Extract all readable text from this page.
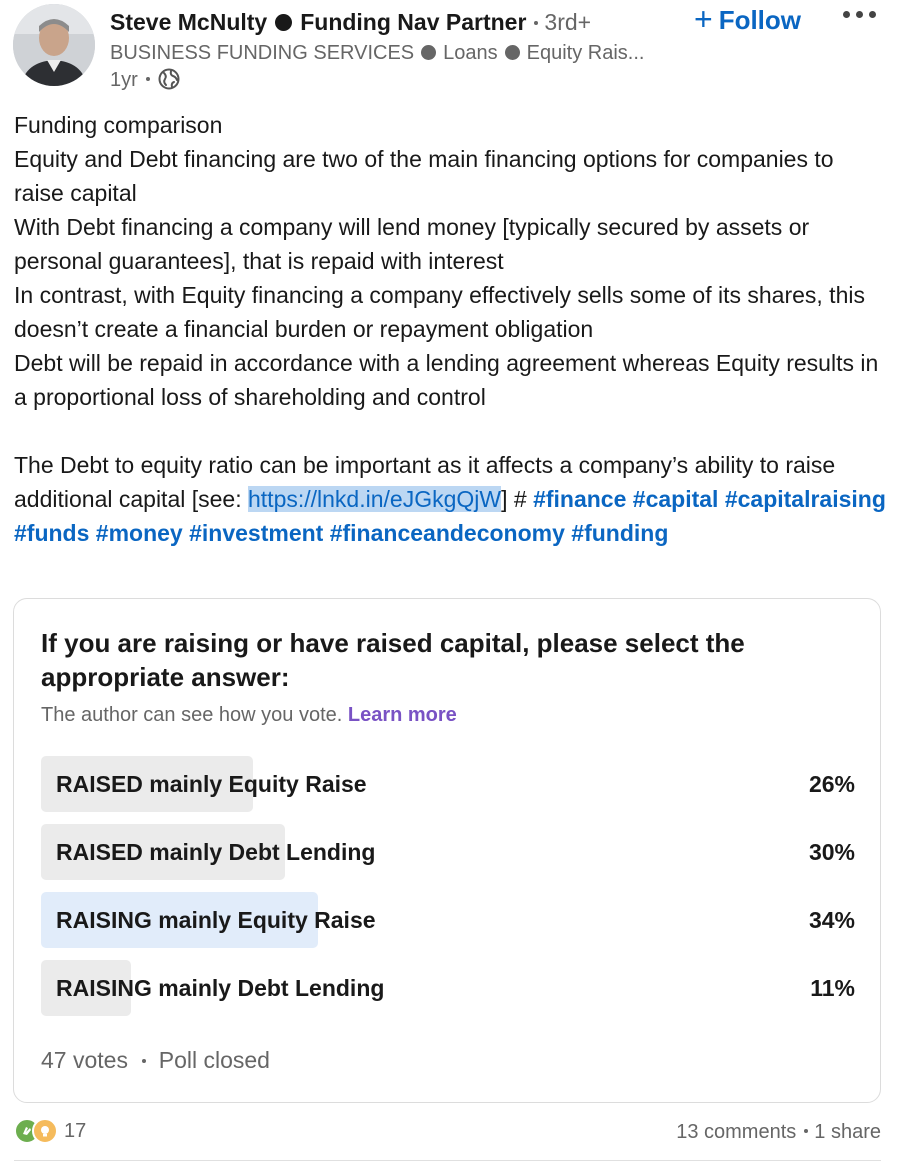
Steve McNulty Funding Nav Partner 3rd+
BUSINESS FUNDING SERVICES Loans Equity Rais...
1yr
+ Follow

Funding comparison

Equity and Debt financing are two of the main financing options for companies to raise capital

With Debt financing a company will lend money [typically secured by assets or personal guarantees], that is repaid with interest

In contrast, with Equity financing a company effectively sells some of its shares, this doesn’t create a financial burden or repayment obligation

Debt will be repaid in accordance with a lending agreement whereas Equity results in a proportional loss of shareholding and control

The Debt to equity ratio can be important as it affects a company’s ability to raise additional capital [see: https://lnkd.in/eJGkgQjW] # #finance #capital #capitalraising #funds #money #investment #financeandeconomy #funding

If you are raising or have raised capital, please select the appropriate answer:
The author can see how you vote. Learn more
RAISED mainly Equity Raise	26%
RAISED mainly Debt Lending	30%
RAISING mainly Equity Raise	34%
RAISING mainly Debt Lending	11%
47 votes Poll closed
17	13 comments 1 share
